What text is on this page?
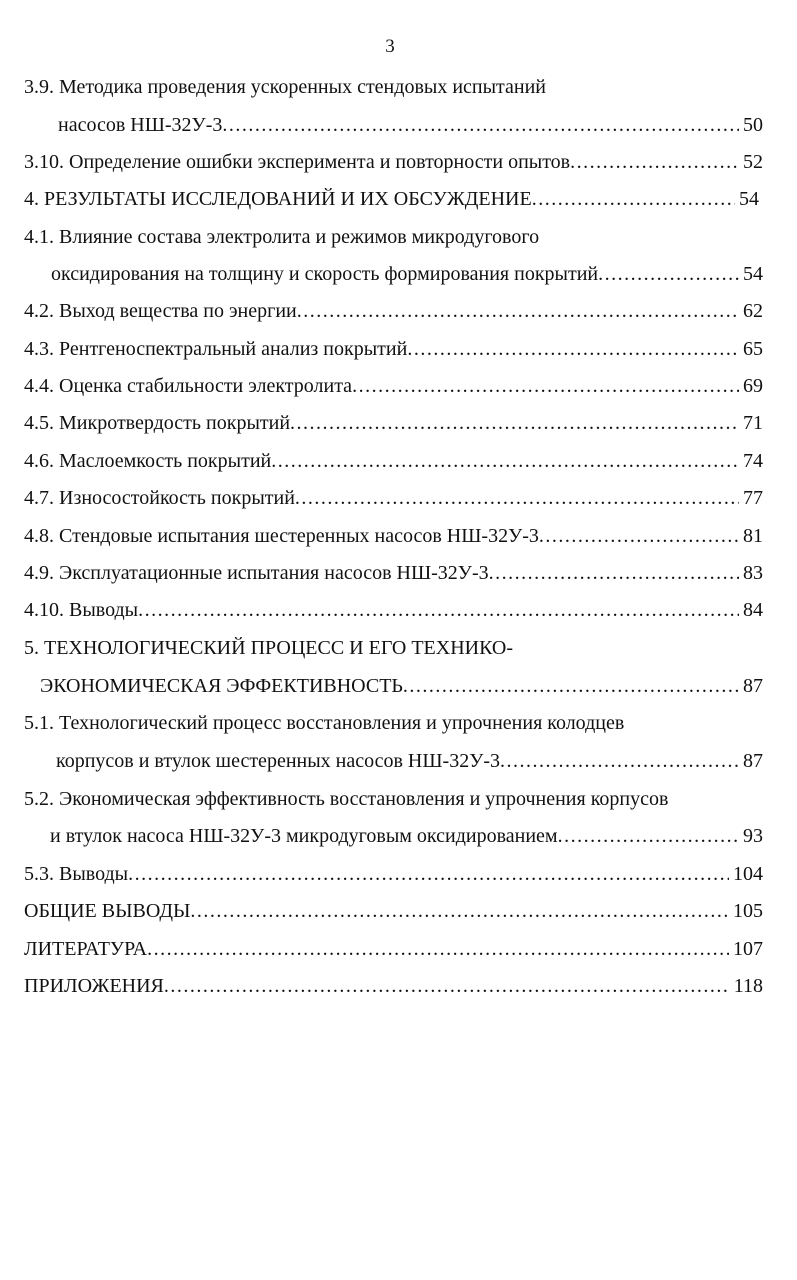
3
3.9. Методика проведения ускоренных стендовых испытаний
насосов НШ-32У-3 .....	50
3.10. Определение ошибки эксперимента и повторности опытов .....	52
4. РЕЗУЛЬТАТЫ ИССЛЕДОВАНИЙ И ИХ ОБСУЖДЕНИЕ .....	54
4.1. Влияние состава электролита и режимов микродугового
оксидирования на толщину и скорость формирования покрытий .....	54
4.2. Выход вещества по энергии .....	62
4.3. Рентгеноспектральный анализ покрытий .....	65
4.4. Оценка стабильности электролита .....	69
4.5. Микротвердость покрытий .....	71
4.6. Маслоемкость покрытий .....	74
4.7. Износостойкость покрытий .....	77
4.8. Стендовые испытания шестеренных насосов НШ-32У-3 .....	81
4.9. Эксплуатационные испытания насосов НШ-32У-3 .....	83
4.10. Выводы .....	84
5. ТЕХНОЛОГИЧЕСКИЙ ПРОЦЕСС И ЕГО ТЕХНИКО-
ЭКОНОМИЧЕСКАЯ ЭФФЕКТИВНОСТЬ .....	87
5.1. Технологический процесс восстановления и упрочнения колодцев
корпусов и втулок шестеренных насосов НШ-32У-3 .....	87
5.2. Экономическая эффективность восстановления и упрочнения корпусов
и втулок насоса НШ-32У-3 микродуговым оксидированием .....	93
5.3. Выводы .....	104
ОБЩИЕ ВЫВОДЫ .....	105
ЛИТЕРАТУРА .....	107
ПРИЛОЖЕНИЯ .....	118
